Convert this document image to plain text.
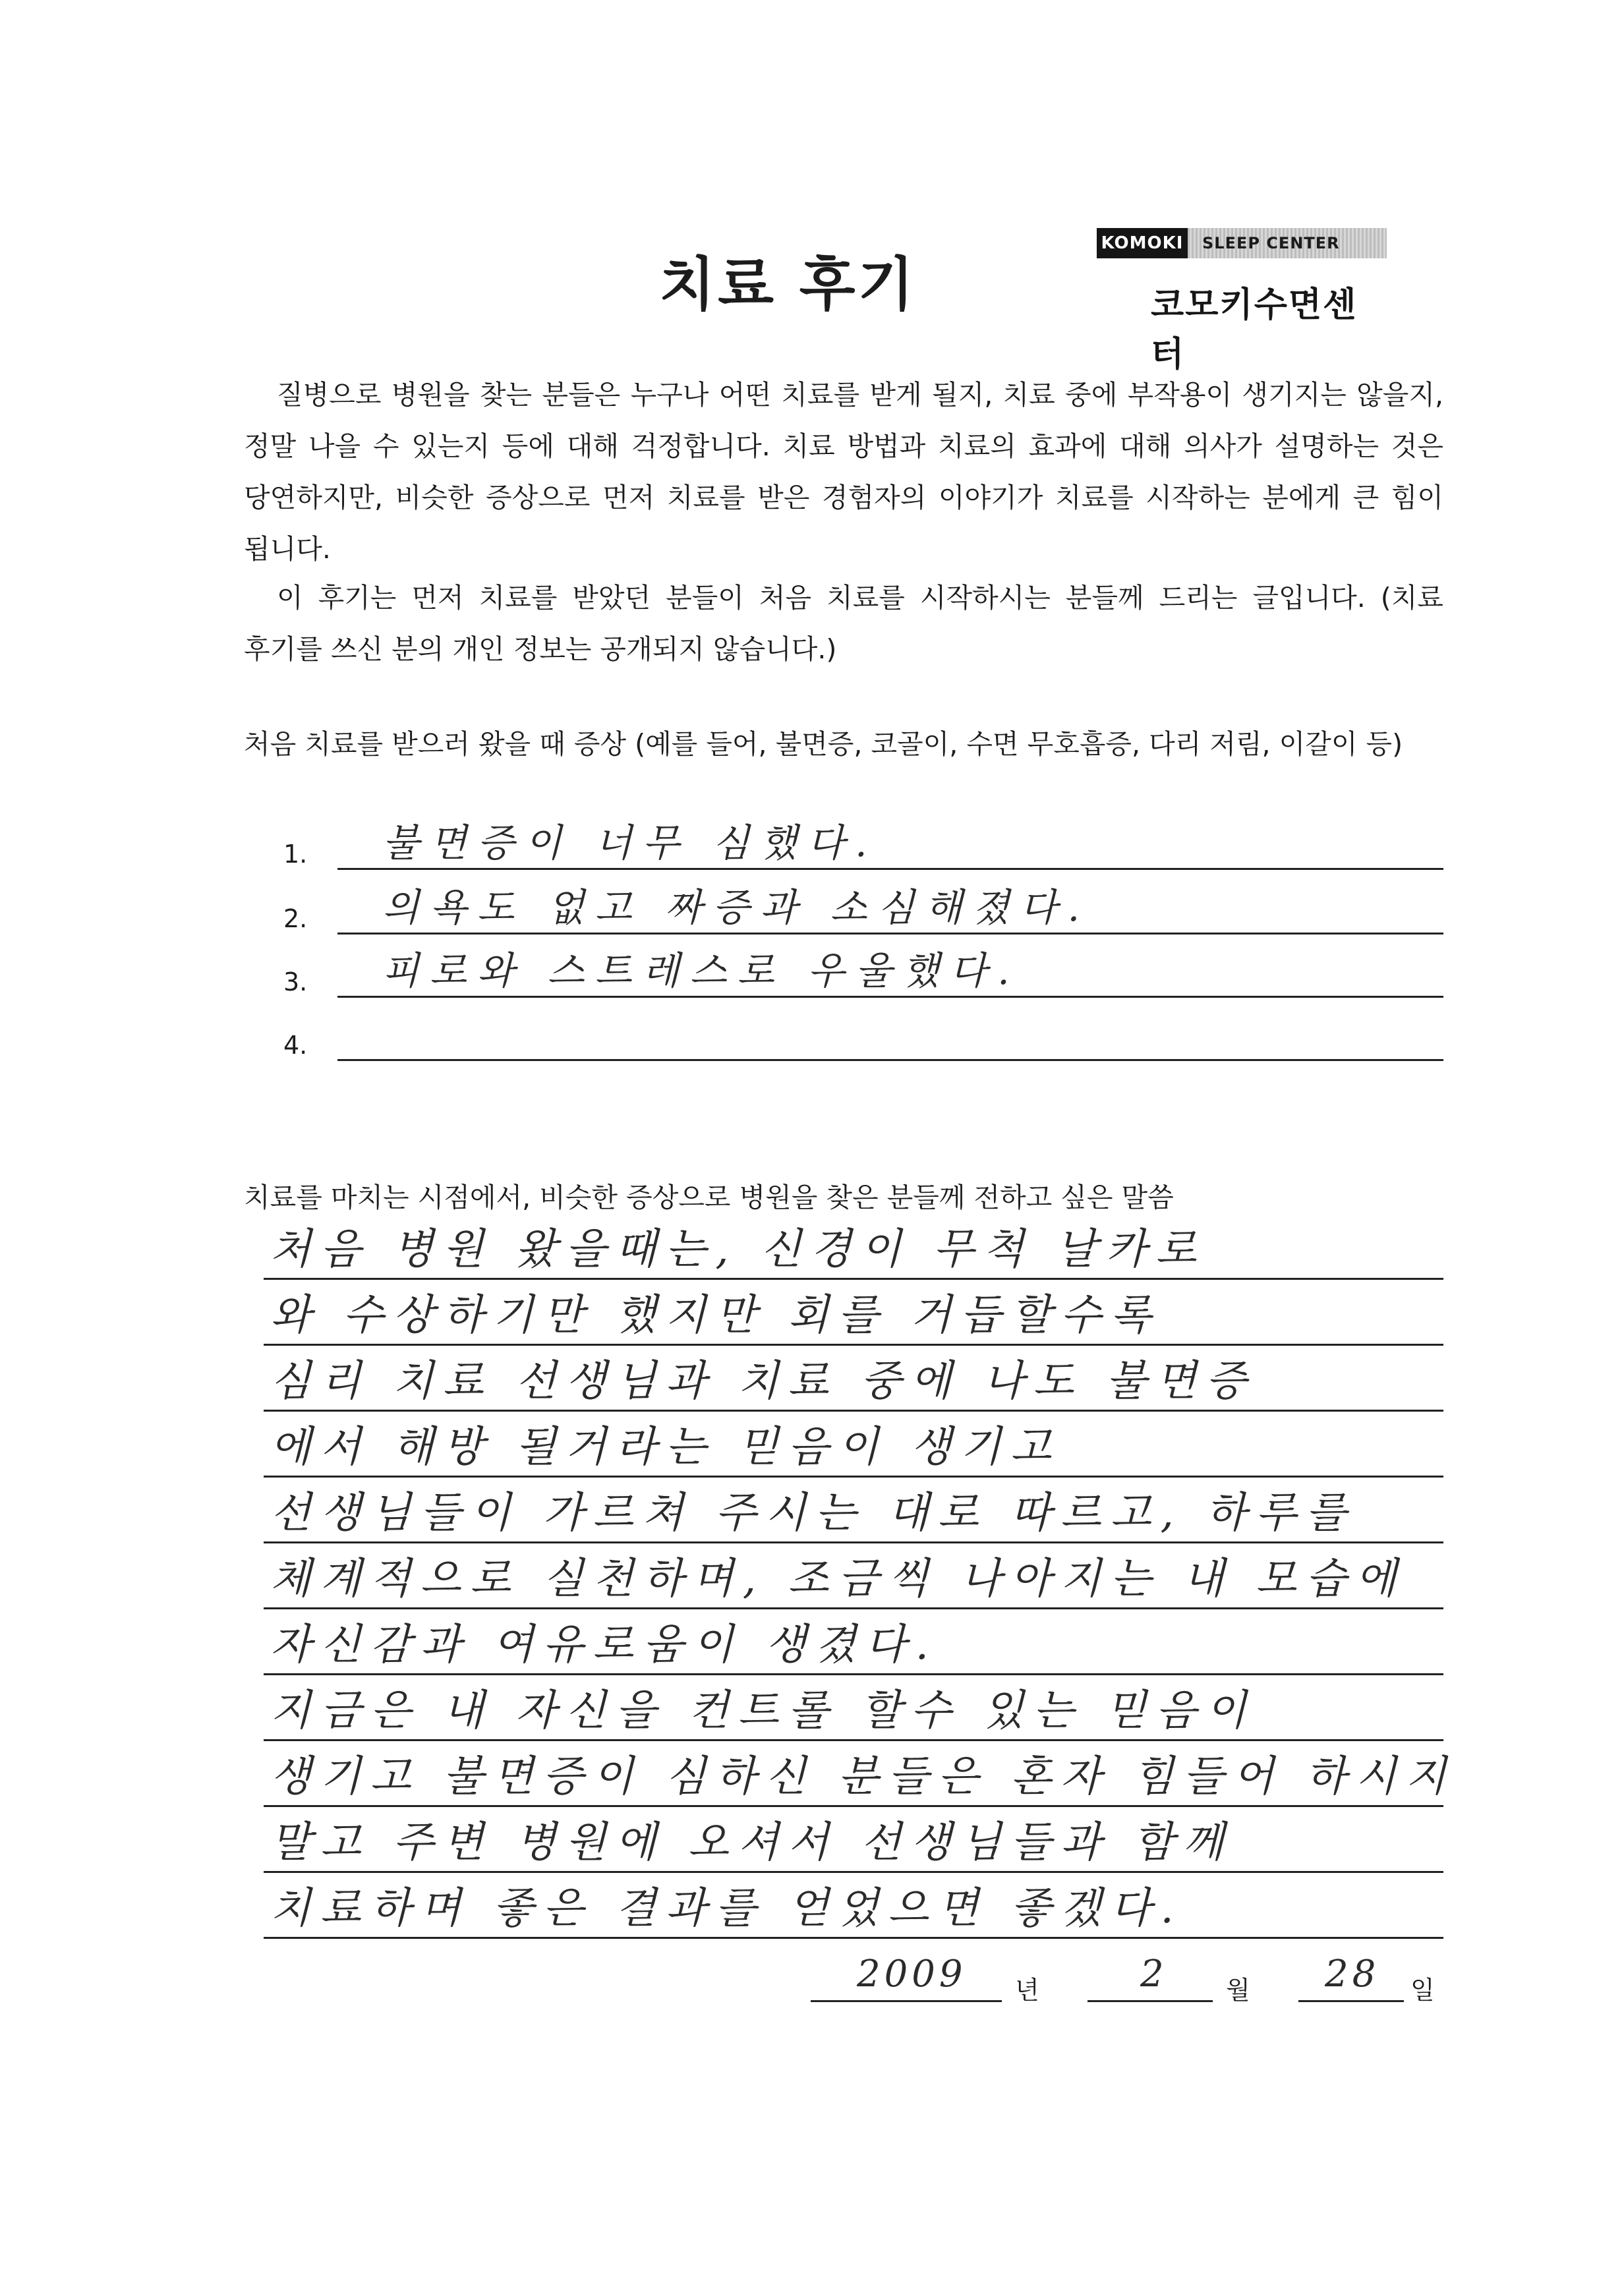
치료 후기
KOMOKI SLEEP CENTER
코모키수면센터
질병으로 병원을 찾는 분들은 누구나 어떤 치료를 받게 될지, 치료 중에 부작용이 생기지는 않을지, 정말 나을 수 있는지 등에 대해 걱정합니다. 치료 방법과 치료의 효과에 대해 의사가 설명하는 것은 당연하지만, 비슷한 증상으로 먼저 치료를 받은 경험자의 이야기가 치료를 시작하는 분에게 큰 힘이 됩니다.
이 후기는 먼저 치료를 받았던 분들이 처음 치료를 시작하시는 분들께 드리는 글입니다. (치료 후기를 쓰신 분의 개인 정보는 공개되지 않습니다.)
처음 치료를 받으러 왔을 때 증상 (예를 들어, 불면증, 코골이, 수면 무호흡증, 다리 저림, 이갈이 등)
1. 불면증이 너무 심했다.
2. 의욕도 없고 짜증과 소심해졌다.
3. 피로와 스트레스로 우울했다.
4.
치료를 마치는 시점에서, 비슷한 증상으로 병원을 찾은 분들께 전하고 싶은 말씀
처음 병원 왔을때는, 신경이 무척 날카로
와 수상하기만 했지만 회를 거듭할수록
심리 치료 선생님과 치료 중에 나도 불면증
에서 해방 될거라는 믿음이 생기고
선생님들이 가르쳐 주시는 대로 따르고, 하루를
체계적으로 실천하며, 조금씩 나아지는 내 모습에
자신감과 여유로움이 생겼다.
지금은 내 자신을 컨트롤 할수 있는 믿음이
생기고 불면증이 심하신 분들은 혼자 힘들어 하시지
말고 주변 병원에 오셔서 선생님들과 함께
치료하며 좋은 결과를 얻었으면 좋겠다.
2009 년	2 월 28 일
